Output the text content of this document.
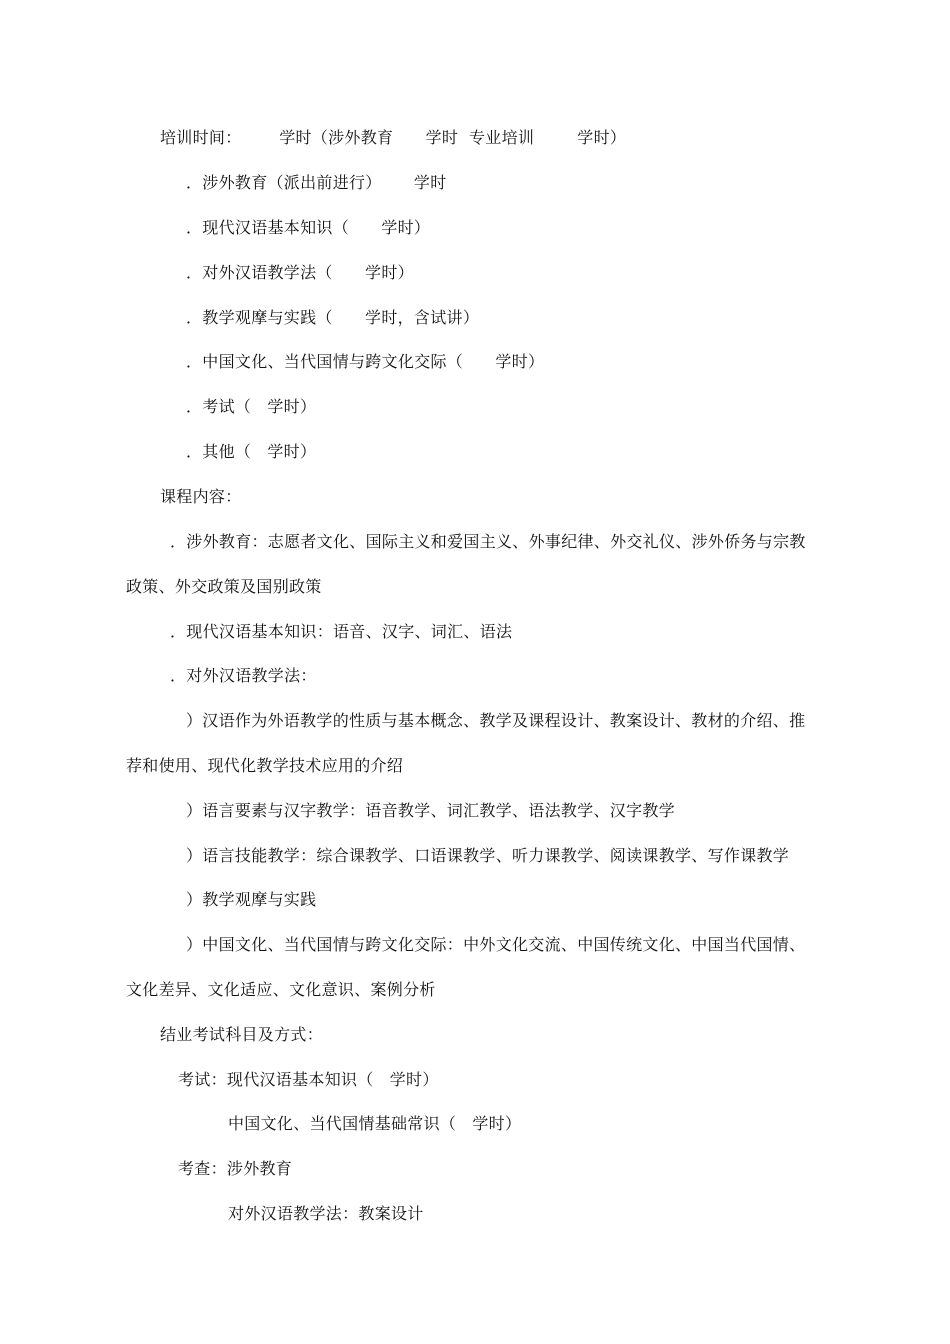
培训时间：       学时（涉外教育      学时  专业培训        学时）
．涉外教育（派出前进行）      学时
．现代汉语基本知识（      学时）
．对外汉语教学法（      学时）
．教学观摩与实践（      学时，含试讲）
．中国文化、当代国情与跨文化交际（      学时）
．考试（   学时）
．其他（   学时）
课程内容：
．涉外教育：志愿者文化、国际主义和爱国主义、外事纪律、外交礼仪、涉外侨务与宗教
政策、外交政策及国别政策
．现代汉语基本知识：语音、汉字、词汇、语法
．对外汉语教学法：
）汉语作为外语教学的性质与基本概念、教学及课程设计、教案设计、教材的介绍、推
荐和使用、现代化教学技术应用的介绍
）语言要素与汉字教学：语音教学、词汇教学、语法教学、汉字教学
）语言技能教学：综合课教学、口语课教学、听力课教学、阅读课教学、写作课教学
）教学观摩与实践
）中国文化、当代国情与跨文化交际：中外文化交流、中国传统文化、中国当代国情、
文化差异、文化适应、文化意识、案例分析
结业考试科目及方式：
考试：现代汉语基本知识（   学时）
中国文化、当代国情基础常识（   学时）
考查：涉外教育
对外汉语教学法：教案设计
